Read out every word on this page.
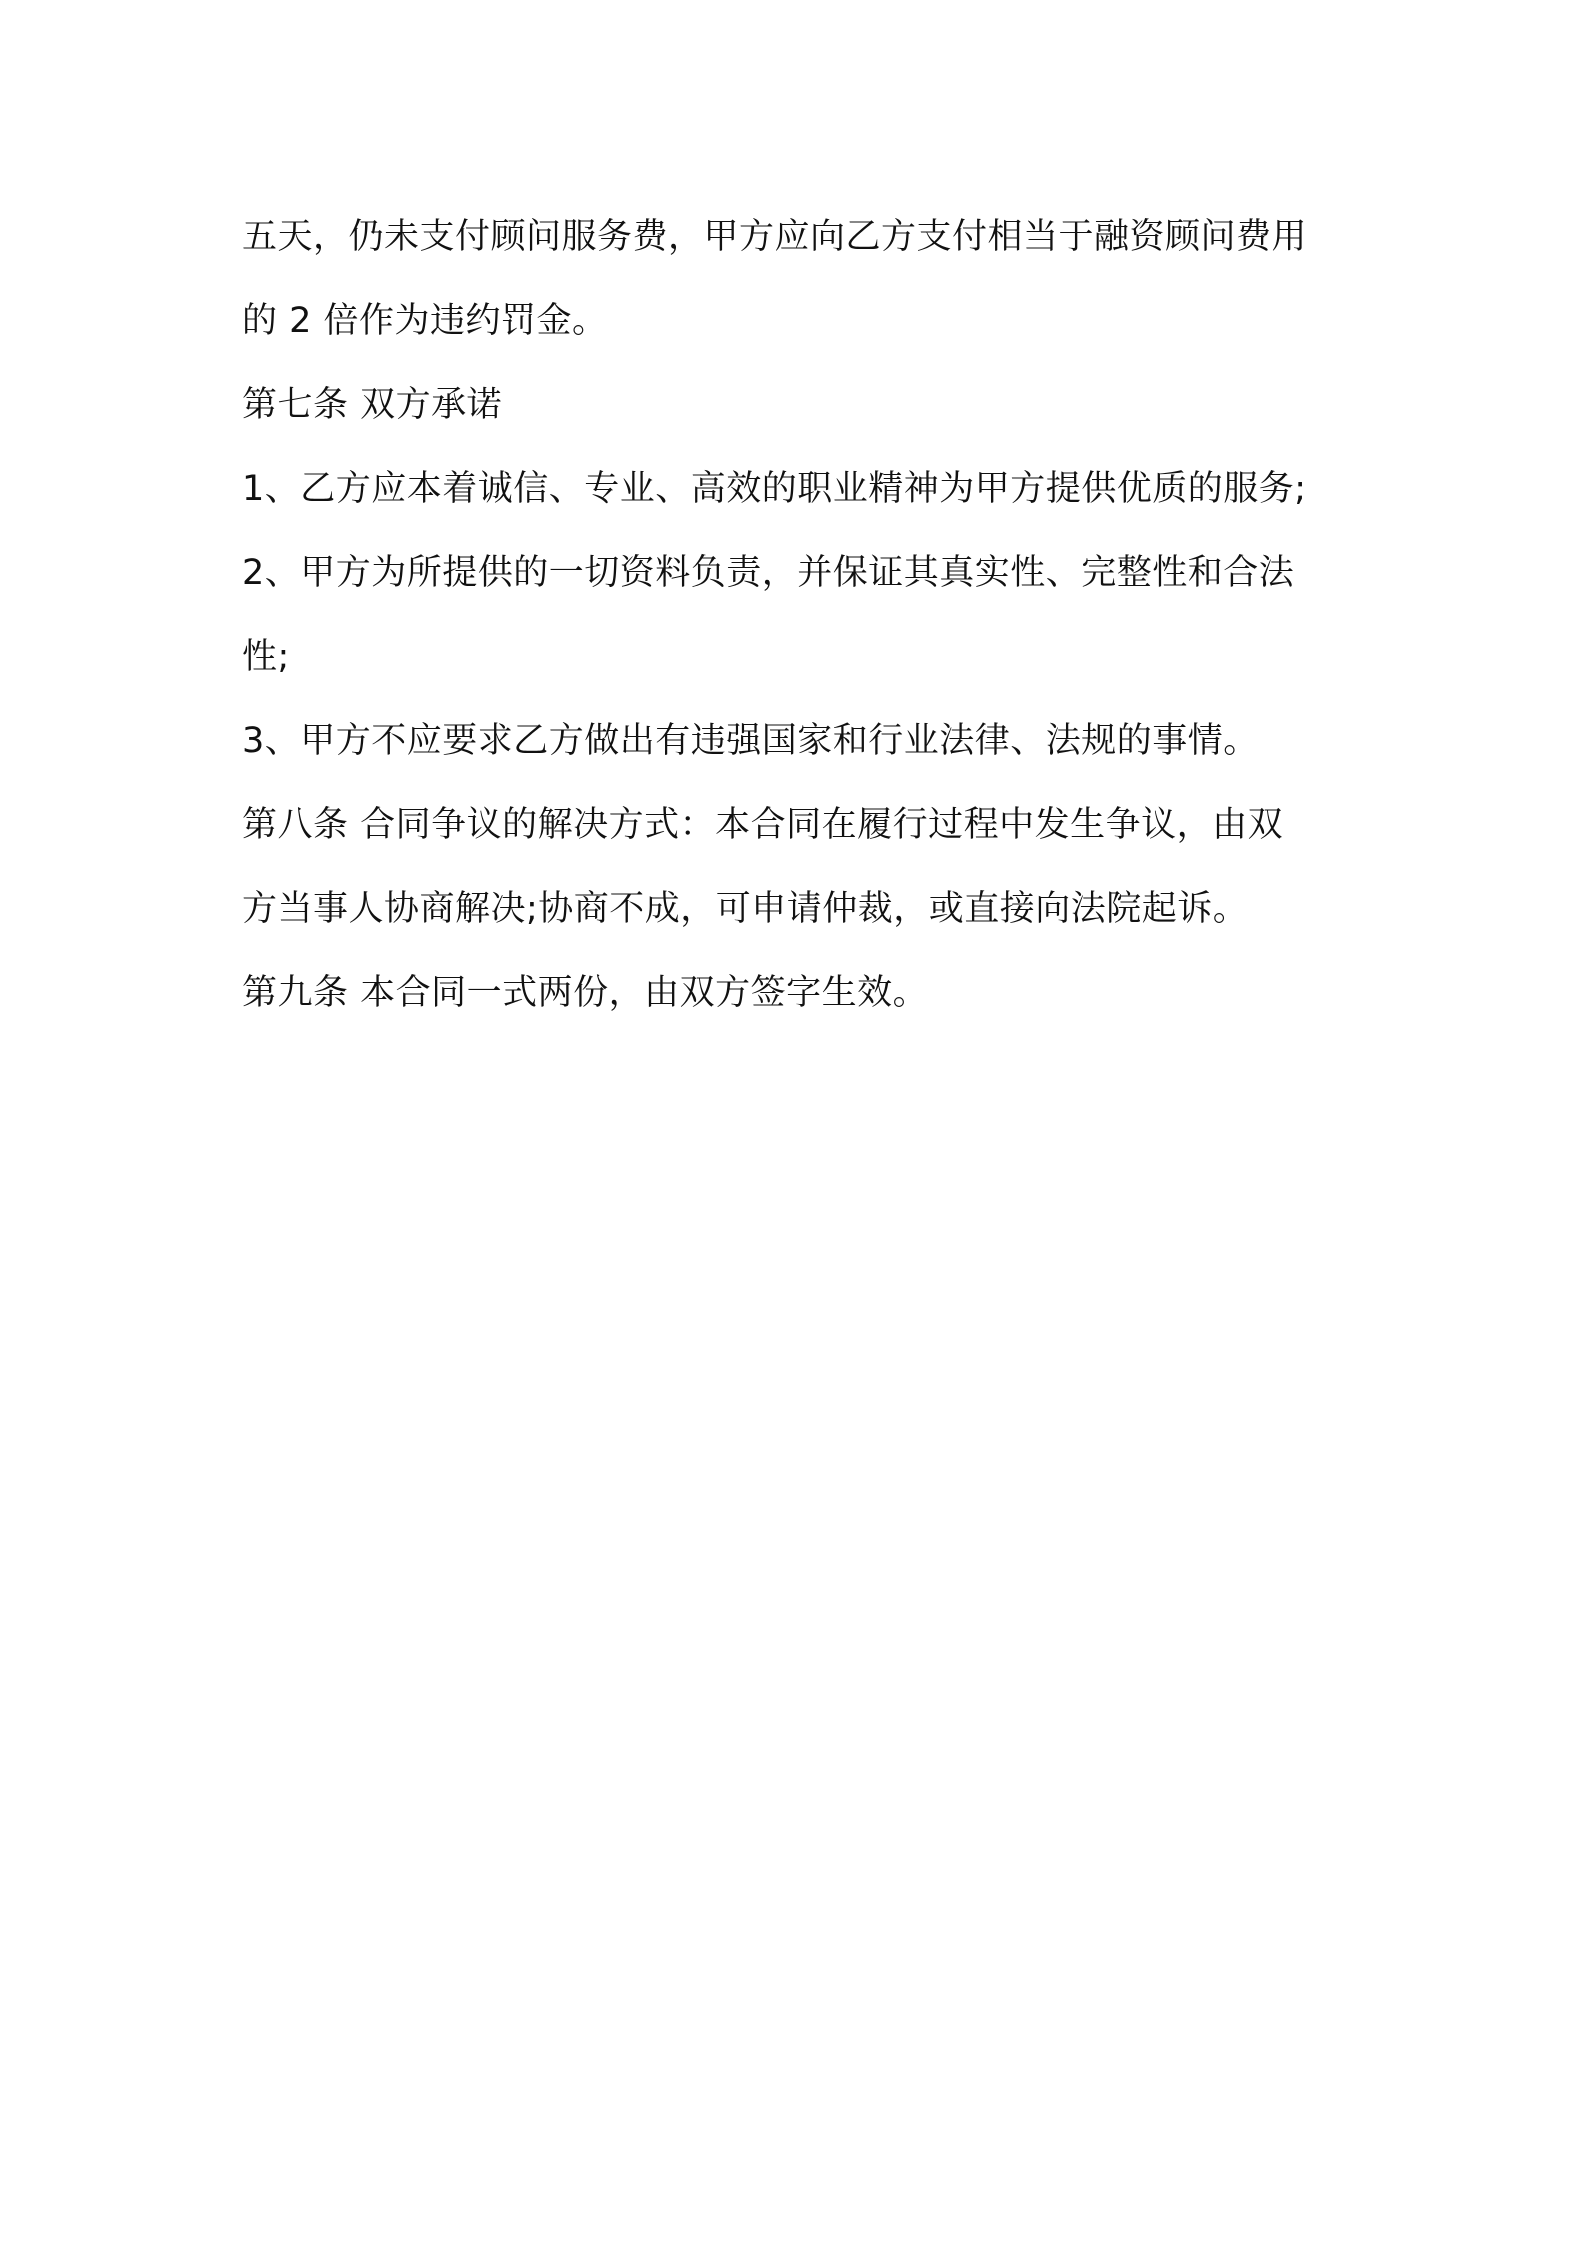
五天，仍未支付顾问服务费，甲方应向乙方支付相当于融资顾问费用
的 2 倍作为违约罚金。
第七条 双方承诺
1、乙方应本着诚信、专业、高效的职业精神为甲方提供优质的服务;
2、甲方为所提供的一切资料负责，并保证其真实性、完整性和合法
性;
3、甲方不应要求乙方做出有违强国家和行业法律、法规的事情。
第八条 合同争议的解决方式：本合同在履行过程中发生争议，由双
方当事人协商解决;协商不成，可申请仲裁，或直接向法院起诉。
第九条 本合同一式两份，由双方签字生效。
